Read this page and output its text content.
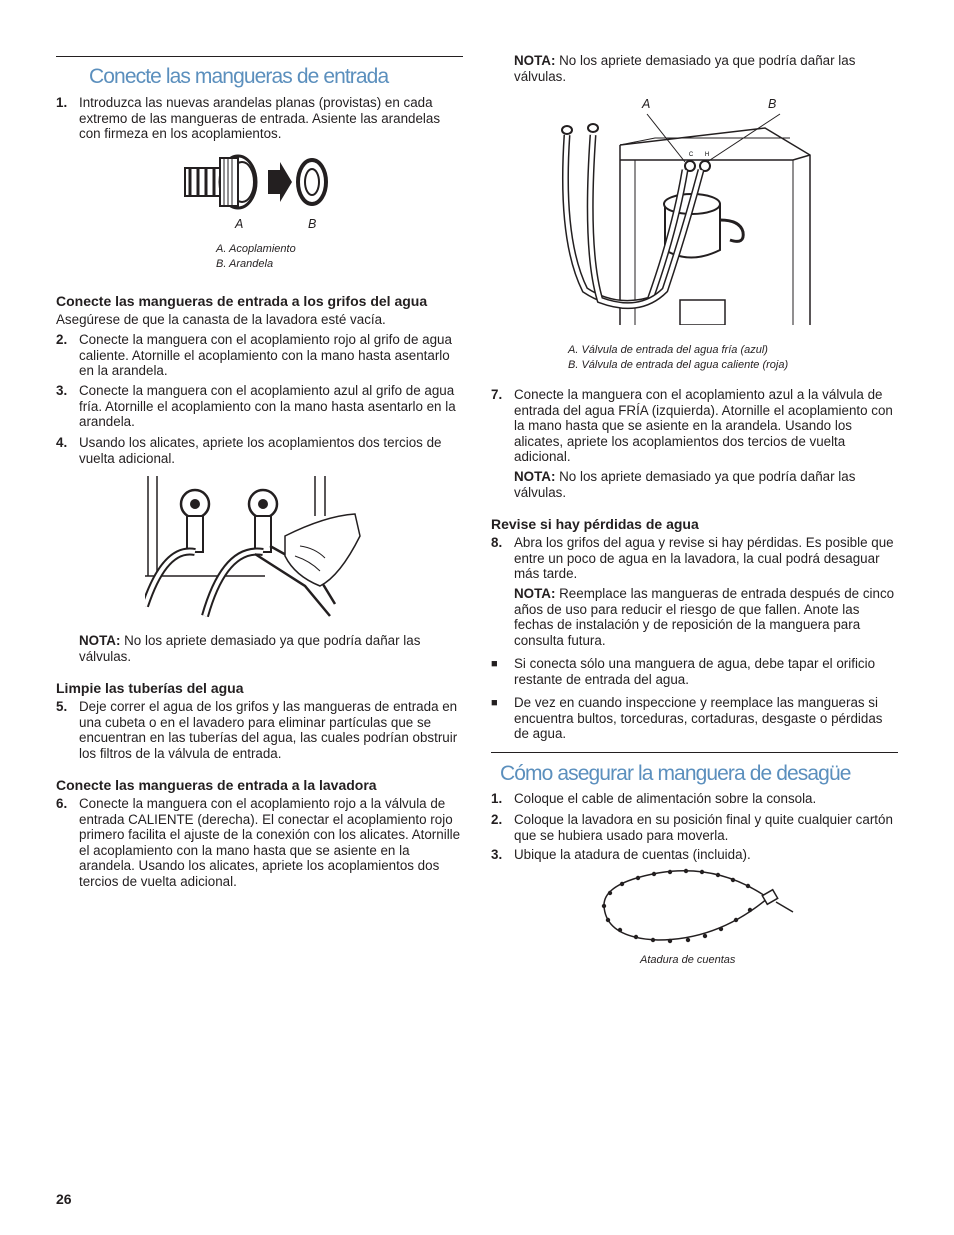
Conecte las mangueras de entrada
1. Introduzca las nuevas arandelas planas (provistas) en cada extremo de las mangueras de entrada. Asiente las arandelas con firmeza en los acoplamientos.
A	B
A. Acoplamiento
B. Arandela
Conecte las mangueras de entrada a los grifos del agua

Asegúrese de que la canasta de la lavadora esté vacía.

2. Conecte la manguera con el acoplamiento rojo al grifo de agua caliente. Atornille el acoplamiento con la mano hasta asentarlo en la arandela.
3. Conecte la manguera con el acoplamiento azul al grifo de agua fría. Atornille el acoplamiento con la mano hasta asentarlo en la arandela.
4. Usando los alicates, apriete los acoplamientos dos tercios de vuelta adicional.

NOTA: No los apriete demasiado ya que podría dañar las válvulas.

Limpie las tuberías del agua
5. Deje correr el agua de los grifos y las mangueras de entrada en una cubeta o en el lavadero para eliminar partículas que se encuentran en las tuberías del agua, las cuales podrían obstruir los filtros de la válvula de entrada.
Conecte las mangueras de entrada a la lavadora
6. Conecte la manguera con el acoplamiento rojo a la válvula de entrada CALIENTE (derecha). El conectar el acoplamiento rojo primero facilita el ajuste de la conexión con los alicates. Atornille el acoplamiento con la mano hasta que se asiente en la arandela. Usando los alicates, apriete los acoplamientos dos tercios de vuelta adicional.

NOTA: No los apriete demasiado ya que podría dañar las válvulas.

A	B
C H
A. Válvula de entrada del agua fría (azul)
B. Válvula de entrada del agua caliente (roja)
7. Conecte la manguera con el acoplamiento azul a la válvula de entrada del agua FRÍA (izquierda). Atornille el acoplamiento con la mano hasta que se asiente en la arandela. Usando los alicates, apriete los acoplamientos dos tercios de vuelta adicional.

NOTA: No los apriete demasiado ya que podría dañar las válvulas.

Revise si hay pérdidas de agua
8. Abra los grifos del agua y revise si hay pérdidas. Es posible que entre un poco de agua en la lavadora, la cual podrá desaguar más tarde.

NOTA: Reemplace las mangueras de entrada después de cinco años de uso para reducir el riesgo de que fallen. Anote las fechas de instalación y de reposición de la manguera para consulta futura.

■ Si conecta sólo una manguera de agua, debe tapar el orificio restante de entrada del agua.
■ De vez en cuando inspeccione y reemplace las mangueras si encuentra bultos, torceduras, cortaduras, desgaste o pérdidas de agua.
Cómo asegurar la manguera de desagüe
1. Coloque el cable de alimentación sobre la consola.
2. Coloque la lavadora en su posición final y quite cualquier cartón que se hubiera usado para moverla.
3. Ubique la atadura de cuentas (incluida).
Atadura de cuentas
26
